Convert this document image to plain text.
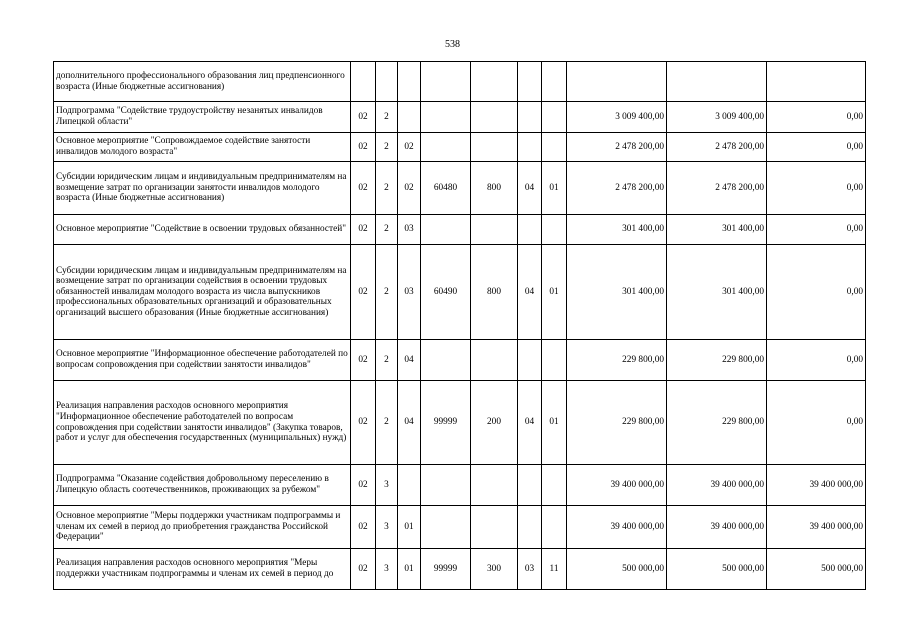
538
дополнительного профессионального образования лиц предпенсионного возраста (Иные бюджетные ассигнования)										
Подпрограмма "Содействие трудоустройству незанятых инвалидов Липецкой области"	02	2						3 009 400,00	3 009 400,00	0,00
Основное мероприятие "Сопровождаемое содействие занятости инвалидов молодого возраста"	02	2	02					2 478 200,00	2 478 200,00	0,00
Субсидии юридическим лицам и индивидуальным предпринимателям на возмещение затрат по организации занятости инвалидов молодого возраста (Иные бюджетные ассигнования)	02	2	02	60480	800	04	01	2 478 200,00	2 478 200,00	0,00
Основное мероприятие "Содействие в освоении трудовых обязанностей"	02	2	03					301 400,00	301 400,00	0,00
Субсидии юридическим лицам и индивидуальным предпринимателям на возмещение затрат по организации содействия в освоении трудовых обязанностей инвалидам молодого возраста из числа выпускников профессиональных образовательных организаций и образовательных организаций высшего образования (Иные бюджетные ассигнования)	02	2	03	60490	800	04	01	301 400,00	301 400,00	0,00
Основное мероприятие "Информационное обеспечение работодателей по вопросам сопровождения при содействии занятости инвалидов"	02	2	04					229 800,00	229 800,00	0,00
Реализация направления расходов основного мероприятия "Информационное обеспечение работодателей по вопросам сопровождения при содействии занятости инвалидов" (Закупка товаров, работ и услуг для обеспечения государственных (муниципальных) нужд)	02	2	04	99999	200	04	01	229 800,00	229 800,00	0,00
Подпрограмма "Оказание содействия добровольному переселению в Липецкую область соотечественников, проживающих за рубежом"	02	3						39 400 000,00	39 400 000,00	39 400 000,00
Основное мероприятие "Меры поддержки участникам подпрограммы и членам их семей в период до приобретения гражданства Российской Федерации"	02	3	01					39 400 000,00	39 400 000,00	39 400 000,00
Реализация направления расходов основного мероприятия "Меры поддержки участникам подпрограммы и членам их семей в период до	02	3	01	99999	300	03	11	500 000,00	500 000,00	500 000,00
